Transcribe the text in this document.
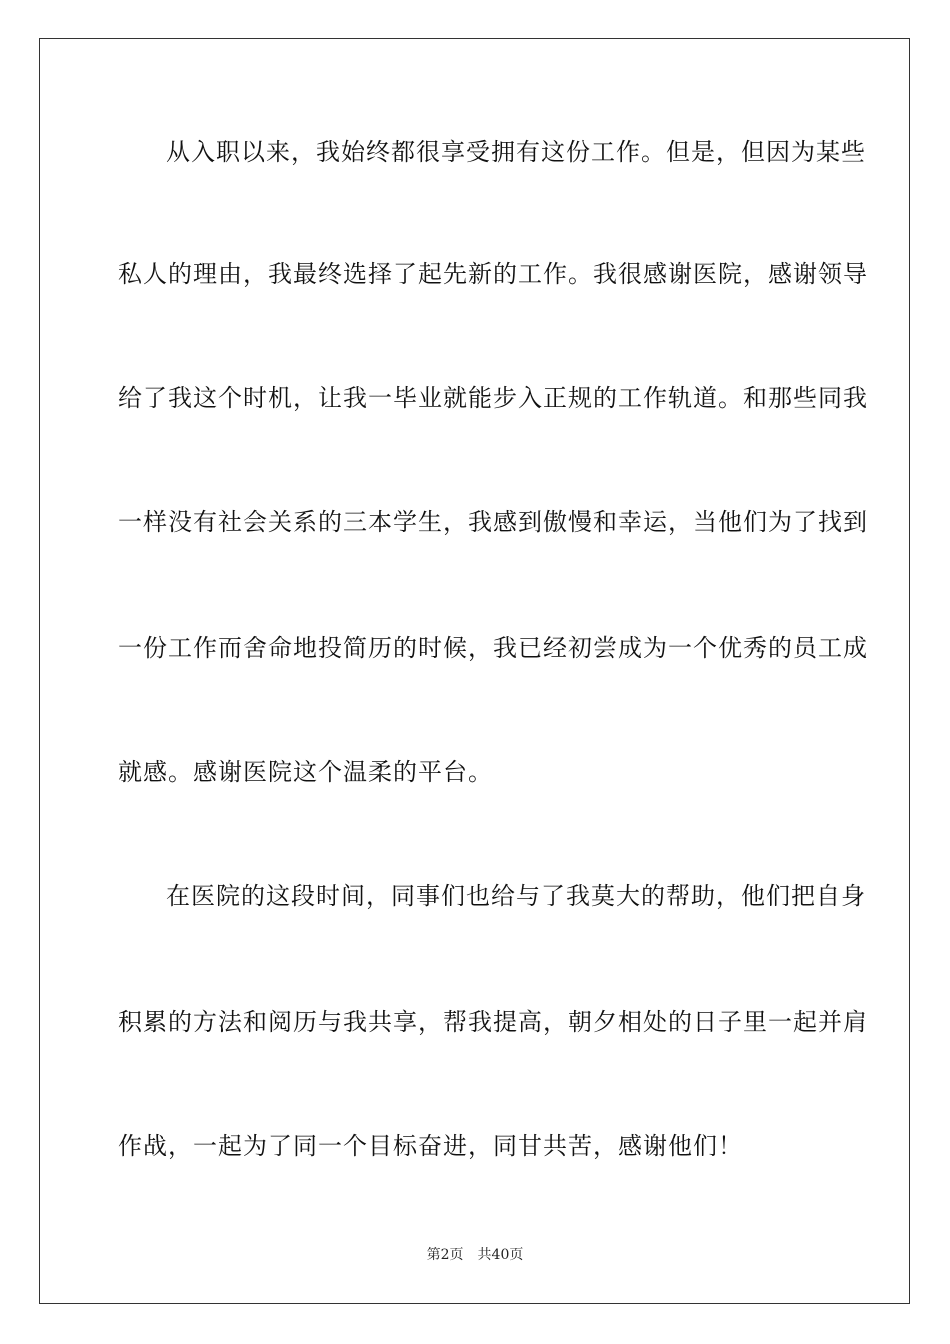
从入职以来，我始终都很享受拥有这份工作。但是，但因为某些
私人的理由，我最终选择了起先新的工作。我很感谢医院，感谢领导
给了我这个时机，让我一毕业就能步入正规的工作轨道。和那些同我
一样没有社会关系的三本学生，我感到傲慢和幸运，当他们为了找到
一份工作而舍命地投简历的时候，我已经初尝成为一个优秀的员工成
就感。感谢医院这个温柔的平台。
在医院的这段时间，同事们也给与了我莫大的帮助，他们把自身
积累的方法和阅历与我共享，帮我提高，朝夕相处的日子里一起并肩
作战，一起为了同一个目标奋进，同甘共苦，感谢他们！
第2页 共40页
